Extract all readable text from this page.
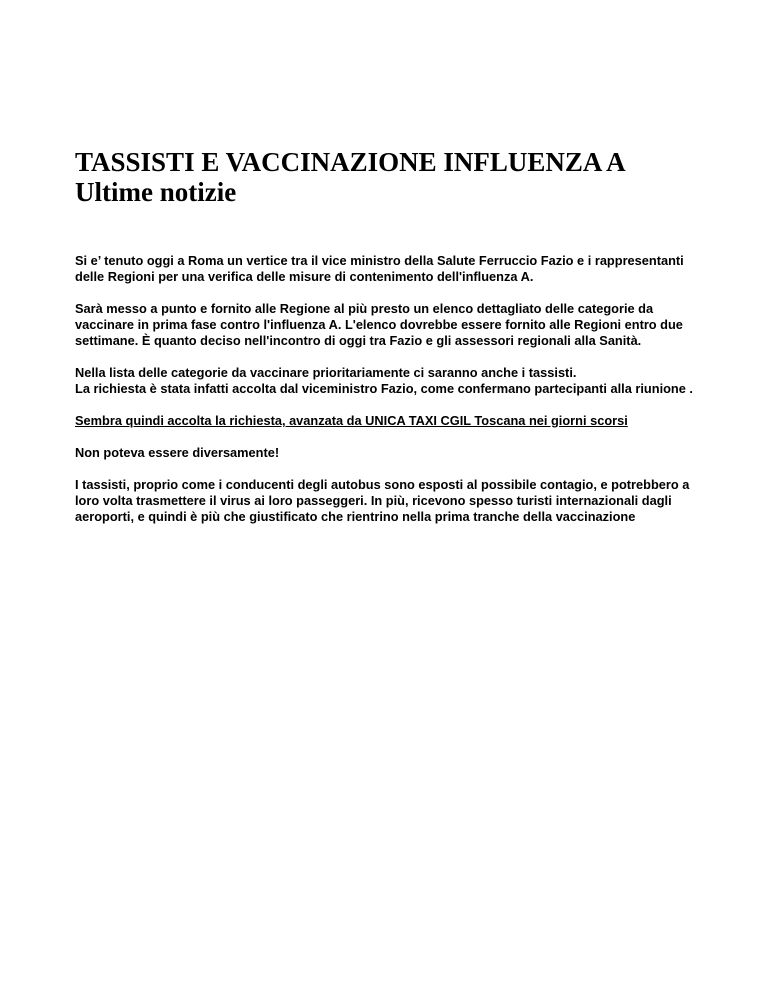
TASSISTI E VACCINAZIONE INFLUENZA A
Ultime notizie

Si e’ tenuto oggi a Roma un vertice tra il vice ministro della Salute Ferruccio Fazio e i rappresentanti delle Regioni per una verifica delle misure di contenimento dell'influenza A.

Sarà messo a punto e fornito alle Regione al più presto un elenco dettagliato delle categorie da vaccinare in prima fase contro l'influenza A. L'elenco dovrebbe essere fornito alle Regioni entro due settimane. È quanto deciso nell'incontro di oggi tra Fazio e gli assessori regionali alla Sanità.

Nella lista delle categorie da vaccinare prioritariamente ci saranno anche i tassisti.
La richiesta è stata infatti accolta dal viceministro Fazio, come confermano partecipanti alla riunione .

Sembra quindi accolta la richiesta, avanzata da UNICA TAXI CGIL Toscana nei giorni scorsi

Non poteva essere diversamente!

I tassisti, proprio come i conducenti degli autobus sono esposti al possibile contagio, e potrebbero a loro volta trasmettere il virus ai loro passeggeri. In più, ricevono spesso turisti internazionali dagli aeroporti, e quindi è più che giustificato che rientrino nella prima tranche della vaccinazione
